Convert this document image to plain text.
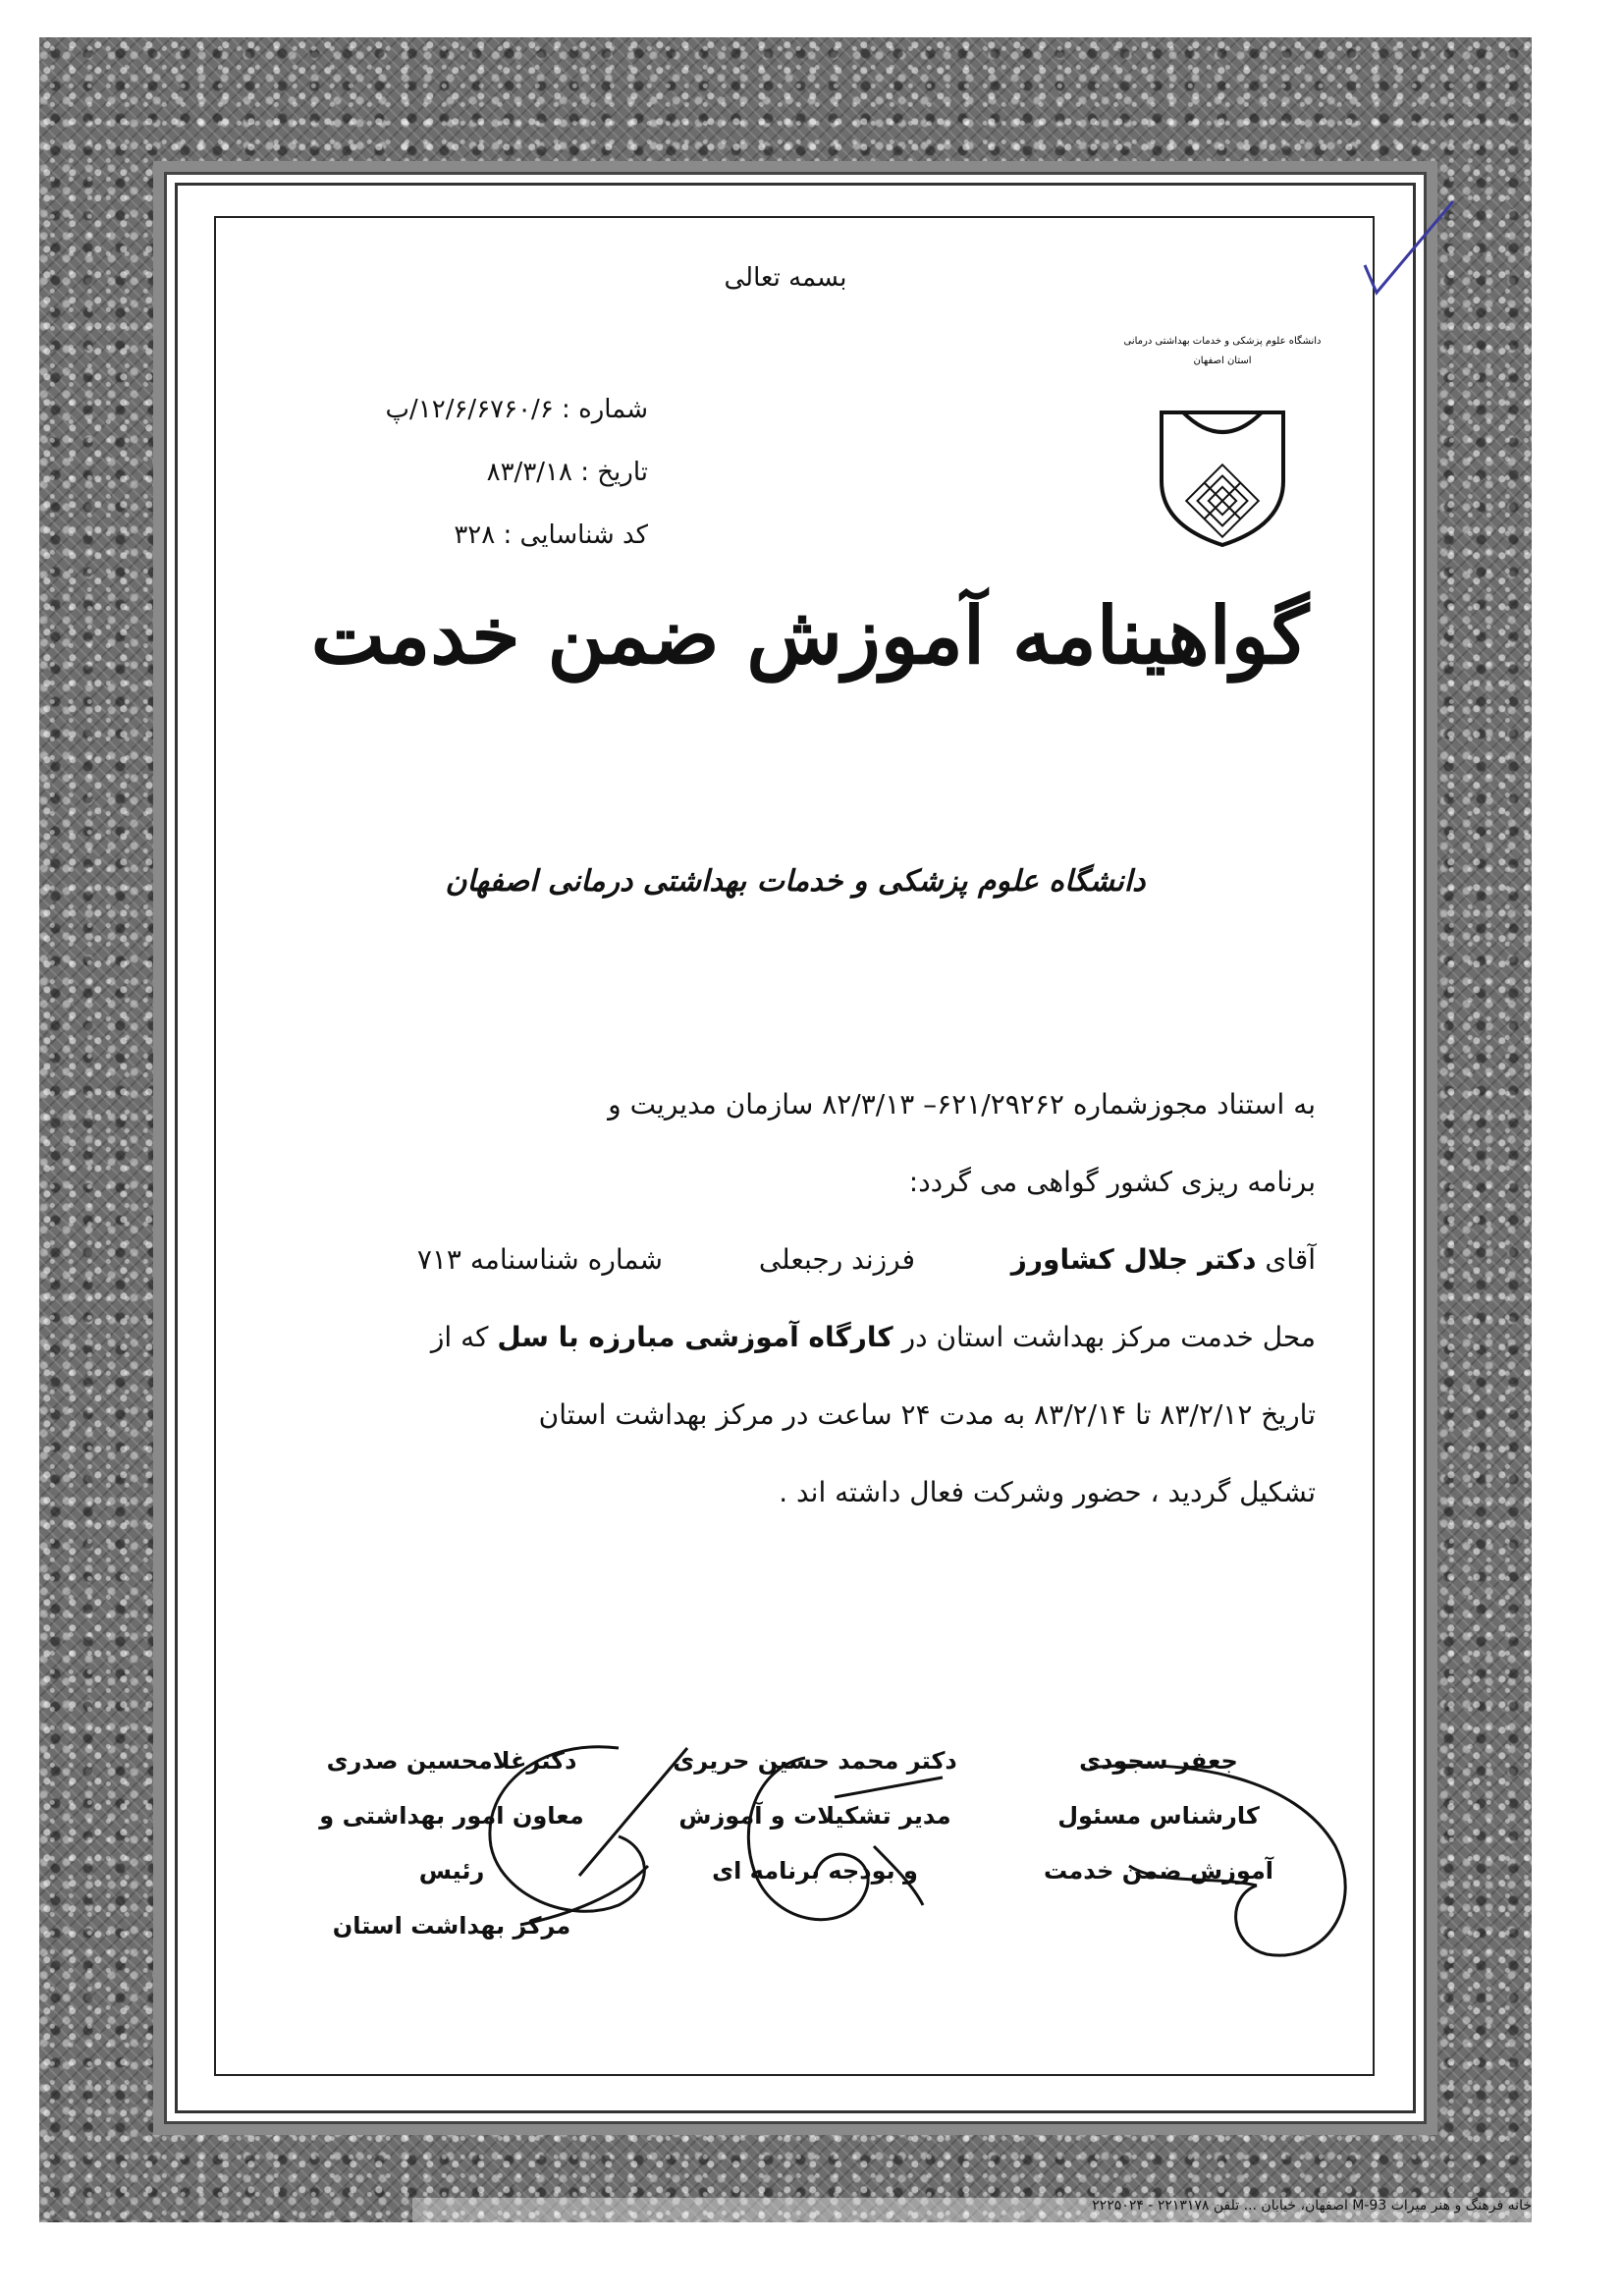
بسمه تعالی
شماره : ۱۲/۶/۶۷۶۰/۶/پ
تاریخ : ۸۳/۳/۱۸
کد شناسایی : ۳۲۸
دانشگاه علوم پزشکی و خدمات بهداشتی درمانی
استان اصفهان
گواهینامه آموزش ضمن خدمت
دانشگاه علوم پزشکی و خدمات بهداشتی درمانی اصفهان

به استناد مجوزشماره ۶۲۱/۲۹۲۶۲– ۸۲/۳/۱۳ سازمان مدیریت و

برنامه ریزی کشور گواهی می گردد:

آقای دکتر جلال کشاورز  فرزند رجبعلی  شماره شناسنامه ۷۱۳

محل خدمت مرکز بهداشت استان در کارگاه آموزشی مبارزه با سل که از

تاریخ ۸۳/۲/۱۲ تا ۸۳/۲/۱۴ به مدت ۲۴ ساعت در مرکز بهداشت استان

تشکیل گردید ، حضور وشرکت فعال داشته اند .

جعفر سجودی
کارشناس مسئول
آموزش ضمن خدمت
دکتر محمد حسین حریری
مدیر تشکیلات و آموزش
و بودجه برنامه ای
دکترغلامحسین صدری
معاون امور بهداشتی و رئیس
مرکز بهداشت استان
خانه فرهنگ و هنر میراث M-93 اصفهان، خیابان ... تلفن ۲۲۱۳۱۷۸ - ۲۲۲۵۰۲۴
